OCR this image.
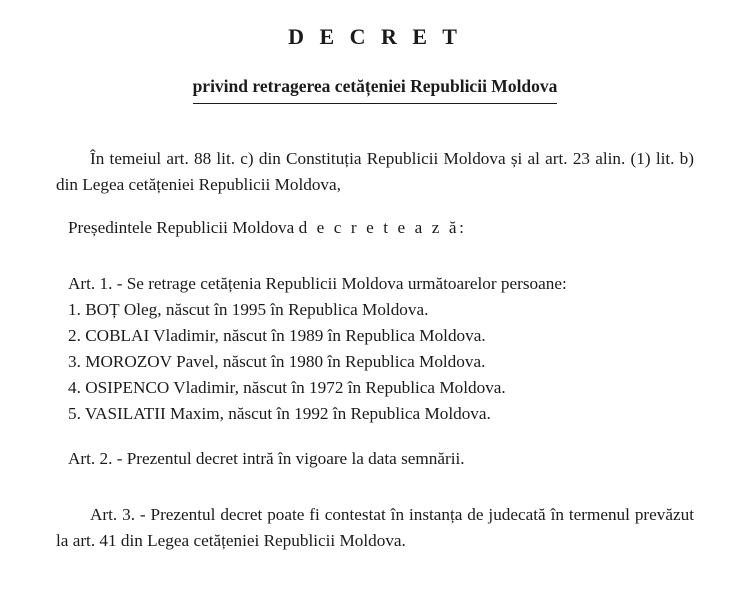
D E C R E T
privind retragerea cetățeniei Republicii Moldova

În temeiul art. 88 lit. c) din Constituția Republicii Moldova și al art. 23 alin. (1) lit. b) din Legea cetățeniei Republicii Moldova,

Președintele Republicii Moldova d e c r e t e a z ă:

Art. 1. - Se retrage cetățenia Republicii Moldova următoarelor persoane:

1. BOȚ Oleg, născut în 1995 în Republica Moldova.

2. COBLAI Vladimir, născut în 1989 în Republica Moldova.

3. MOROZOV Pavel, născut în 1980 în Republica Moldova.

4. OSIPENCO Vladimir, născut în 1972 în Republica Moldova.

5. VASILATII Maxim, născut în 1992 în Republica Moldova.

Art. 2. - Prezentul decret intră în vigoare la data semnării.

Art. 3. - Prezentul decret poate fi contestat în instanța de judecată în termenul prevăzut la art. 41 din Legea cetățeniei Republicii Moldova.
